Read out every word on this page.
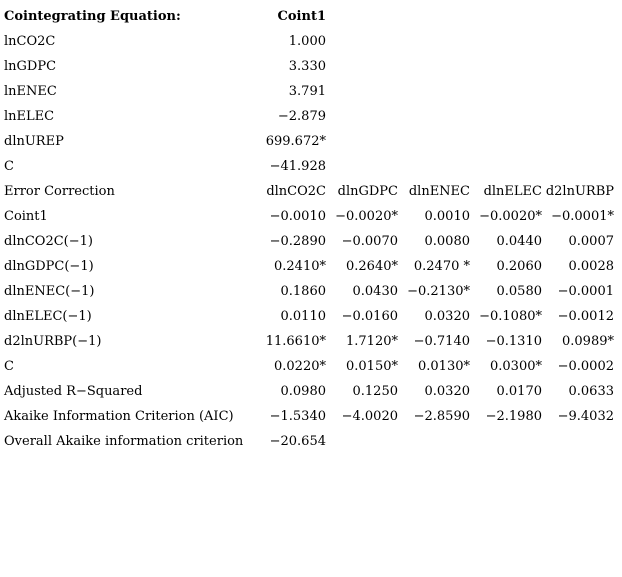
Cointegrating Equation:	Coint1				
lnCO2C	1.000				
lnGDPC	3.330				
lnENEC	3.791				
lnELEC	−2.879				
dlnUREP	699.672*				
C	−41.928				
Error Correction	dlnCO2C	dlnGDPC	dlnENEC	dlnELEC	d2lnURBP
Coint1	−0.0010	−0.0020*	0.0010	−0.0020*	−0.0001*
dlnCO2C(−1)	−0.2890	−0.0070	0.0080	0.0440	0.0007
dlnGDPC(−1)	0.2410*	0.2640*	0.2470 *	0.2060	0.0028
dlnENEC(−1)	0.1860	0.0430	−0.2130*	0.0580	−0.0001
dlnELEC(−1)	0.0110	−0.0160	0.0320	−0.1080*	−0.0012
d2lnURBP(−1)	11.6610*	1.7120*	−0.7140	−0.1310	0.0989*
C	0.0220*	0.0150*	0.0130*	0.0300*	−0.0002
Adjusted R−Squared	0.0980	0.1250	0.0320	0.0170	0.0633
Akaike Information Criterion (AIC)	−1.5340	−4.0020	−2.8590	−2.1980	−9.4032
Overall Akaike information criterion	−20.654				
